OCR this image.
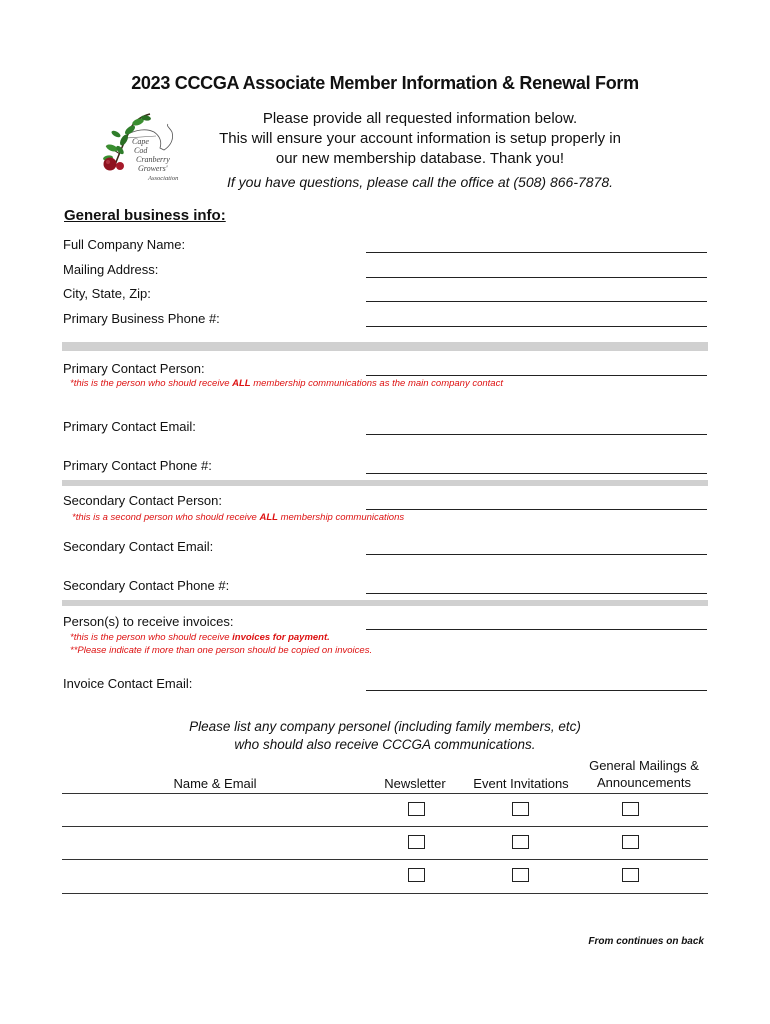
2023 CCCGA Associate Member Information & Renewal Form
Cape
Cod
Cranberry
Growers'
Association
Please provide all requested information below.
This will ensure your account information is setup properly in
our new membership database. Thank you!
If you have questions, please call the office at (508) 866-7878.
General business info:
Full Company Name:
Mailing Address:
City, State, Zip:
Primary Business Phone #:
Primary Contact Person:
*this is the person who should receive ALL membership communications as the main company contact
Primary Contact Email:
Primary Contact Phone #:
Secondary Contact Person:
*this is a second person who should receive ALL membership communications
Secondary Contact Email:
Secondary Contact Phone #:
Person(s) to receive invoices:
*this is the person who should receive invoices for payment.
**Please indicate if more than one person should be copied on invoices.
Invoice Contact Email:
Please list any company personel (including family members, etc)
who should also receive CCCGA communications.
Name & Email	Newsletter	Event Invitations
General Mailings &
Announcements
From continues on back
